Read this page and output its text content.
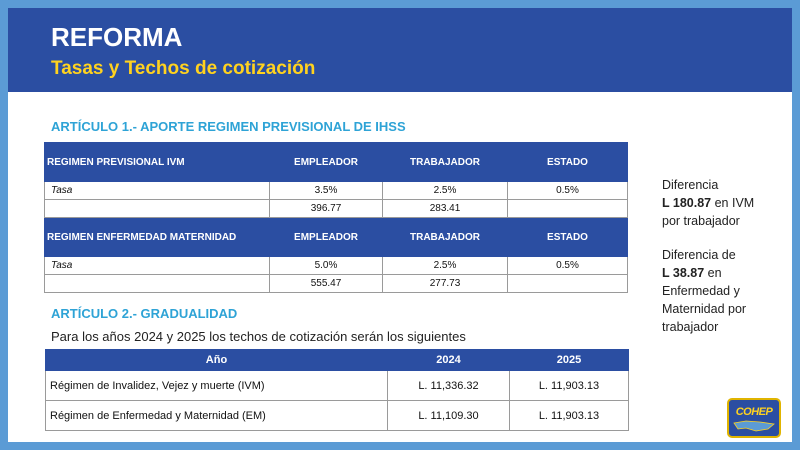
REFORMA
Tasas y Techos de cotización
ARTÍCULO 1.- APORTE REGIMEN PREVISIONAL DE IHSS
REGIMEN PREVISIONAL IVM	EMPLEADOR	TRABAJADOR	ESTADO
Tasa	3.5%	2.5%	0.5%
	396.77	283.41	
REGIMEN ENFERMEDAD MATERNIDAD	EMPLEADOR	TRABAJADOR	ESTADO
Tasa	5.0%	2.5%	0.5%
	555.47	277.73	
ARTÍCULO 2.- GRADUALIDAD
Para los años 2024 y 2025 los techos de cotización serán los siguientes
Año	2024	2025
Régimen de Invalidez, Vejez y muerte (IVM)	L. 11,336.32	L. 11,903.13
Régimen de Enfermedad y Maternidad (EM)	L. 11,109.30	L. 11,903.13
Diferencia
L 180.87 en IVM
por trabajador
Diferencia de
L 38.87 en
Enfermedad y
Maternidad por
trabajador
COHEP
